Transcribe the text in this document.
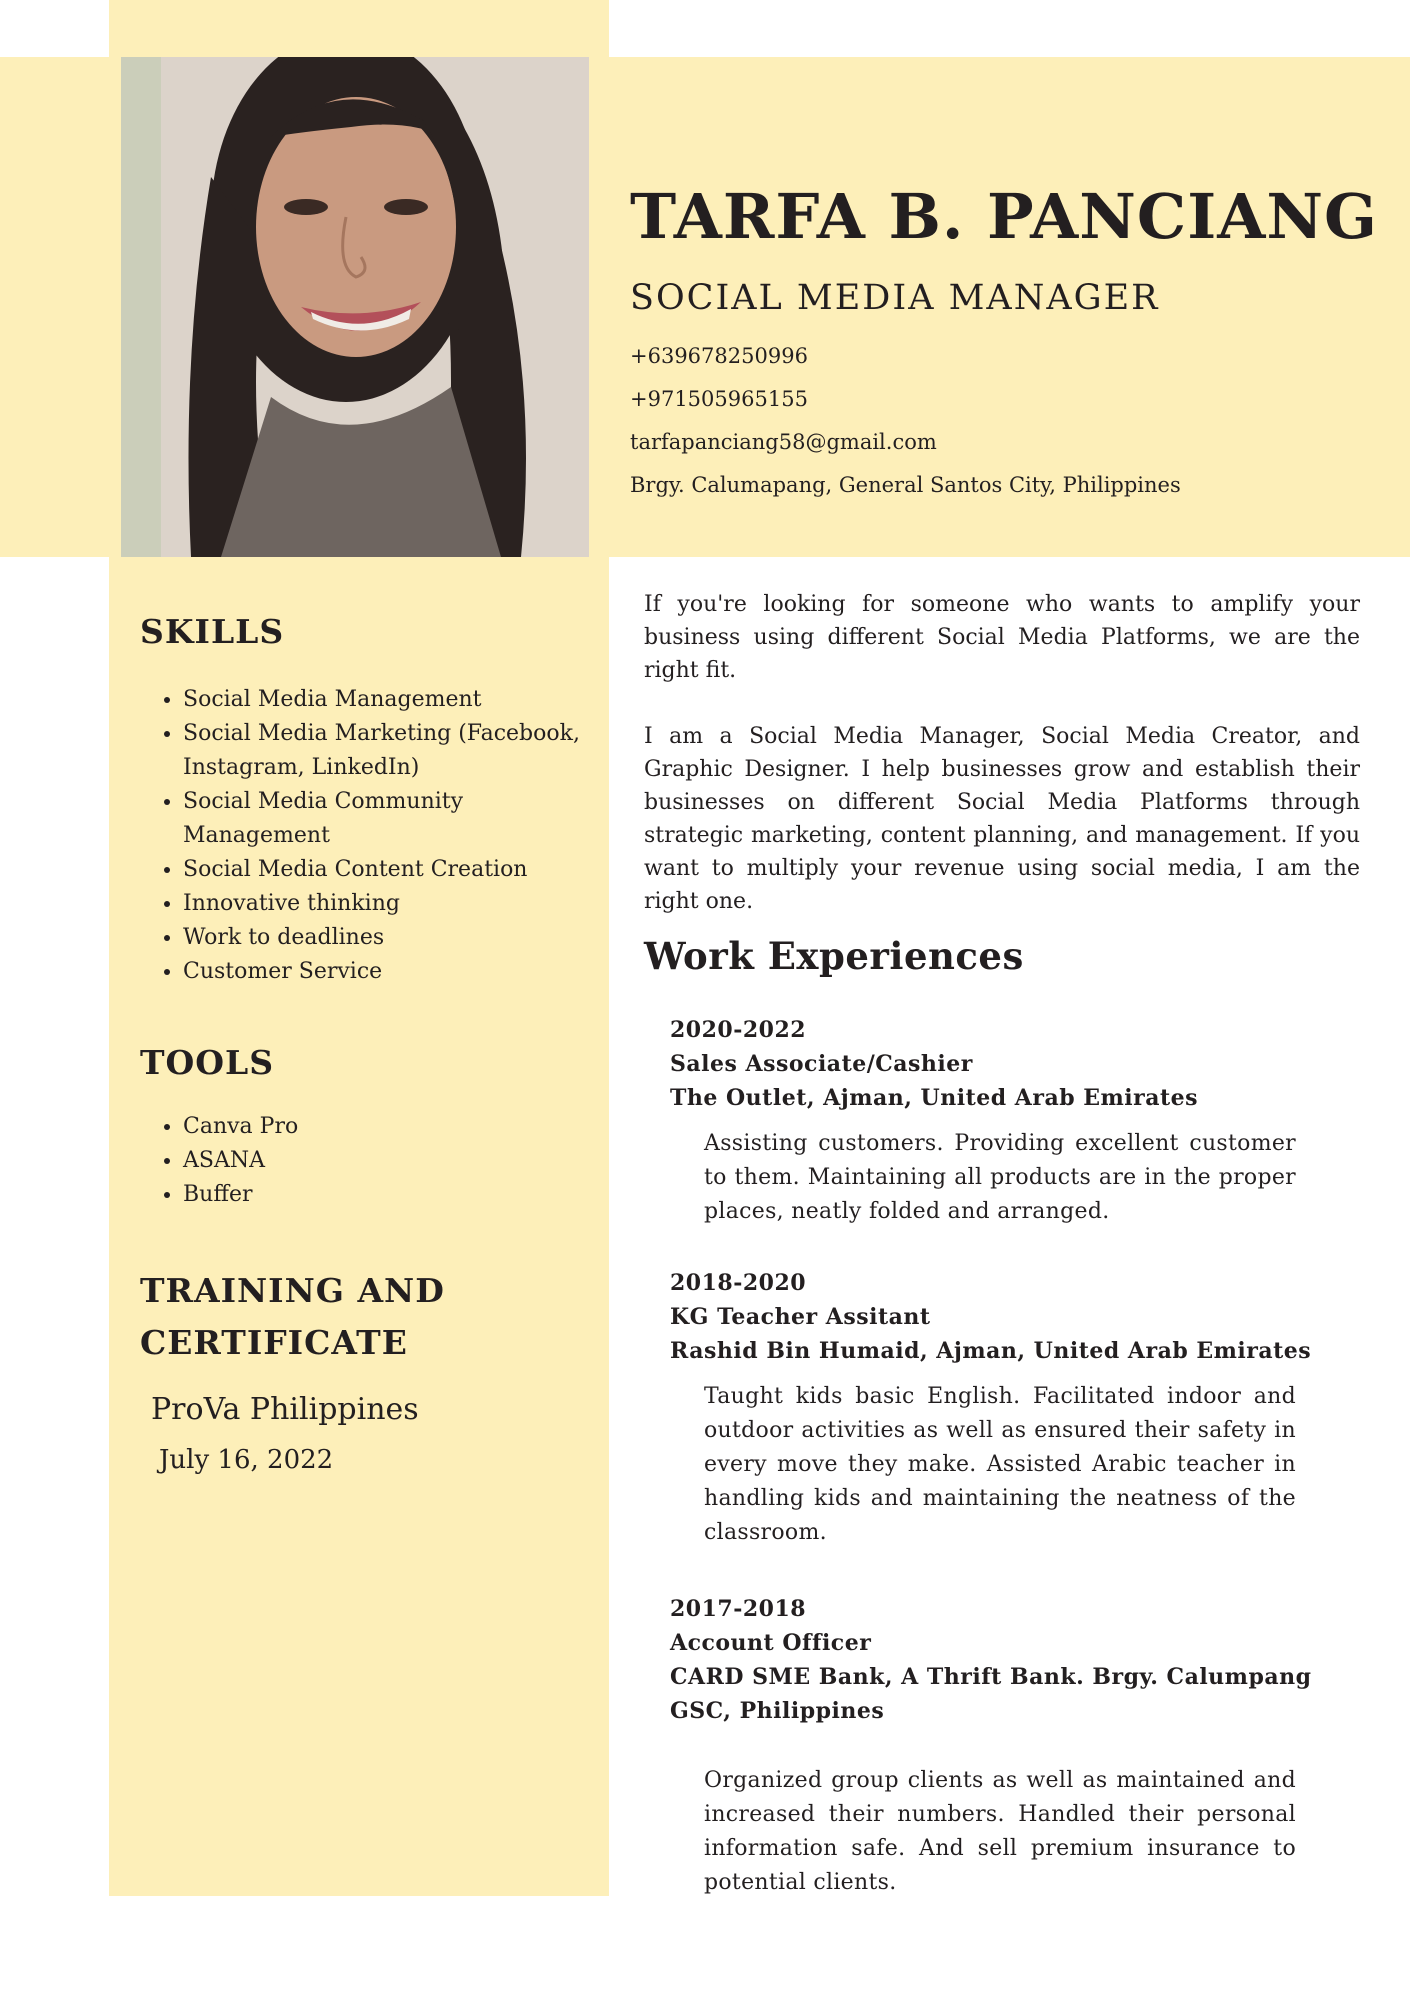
TARFA B. PANCIANG
SOCIAL MEDIA MANAGER
+639678250996
+971505965155
tarfapanciang58@gmail.com
Brgy. Calumapang, General Santos City, Philippines
SKILLS
• Social Media Management
• Social Media Marketing (Facebook, Instagram, LinkedIn)
• Social Media Community Management
• Social Media Content Creation
• Innovative thinking
• Work to deadlines
• Customer Service
TOOLS
• Canva Pro
• ASANA
• Buffer
TRAINING AND CERTIFICATE
ProVa Philippines
July 16, 2022

If you're looking for someone who wants to amplify your business using different Social Media Platforms, we are the right fit.

I am a Social Media Manager, Social Media Creator, and Graphic Designer. I help businesses grow and establish their businesses on different Social Media Platforms through strategic marketing, content planning, and management. If you want to multiply your revenue using social media, I am the right one.

Work Experiences
2020-2022
Sales Associate/Cashier
The Outlet, Ajman, United Arab Emirates

Assisting customers. Providing excellent customer to them. Maintaining all products are in the proper places, neatly folded and arranged.

2018-2020
KG Teacher Assitant
Rashid Bin Humaid, Ajman, United Arab Emirates

Taught kids basic English. Facilitated indoor and outdoor activities as well as ensured their safety in every move they make. Assisted Arabic teacher in handling kids and maintaining the neatness of the classroom.

2017-2018
Account Officer
CARD SME Bank, A Thrift Bank. Brgy. Calumpang GSC, Philippines

Organized group clients as well as maintained and increased their numbers. Handled their personal information safe. And sell premium insurance to potential clients.
